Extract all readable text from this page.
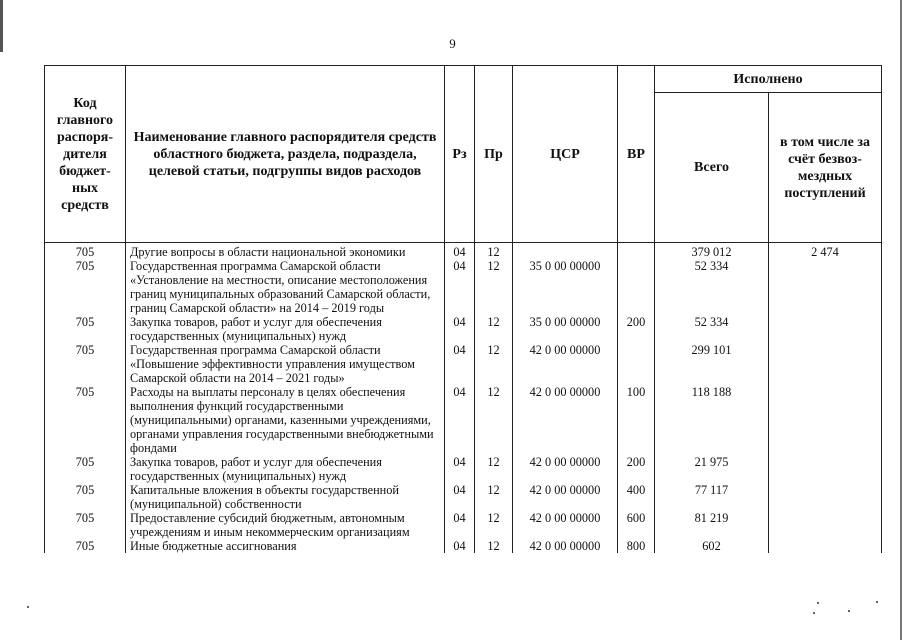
9
Код главного распоря-дителя бюджет-ных средств	Наименование главного распорядителя средств областного бюджета, раздела, подраздела, целевой статьи, подгруппы видов расходов	Рз	Пр	ЦСР	ВР	Исполнено	
						Всего	в том числе за счёт безвоз-мездных
поступлений
705	Другие вопросы в области национальной экономики	04	12			379 012	2 474
705	Государственная программа Самарской области «Установление на местности, описание местоположения границ муниципальных образований Самарской области, границ Самарской области» на 2014 – 2019 годы	04	12	35 0 00 00000		52 334	
705	Закупка товаров, работ и услуг для обеспечения государственных (муниципальных) нужд	04	12	35 0 00 00000	200	52 334	
705	Государственная программа Самарской области «Повышение эффективности управления имуществом Самарской области на 2014 – 2021 годы»	04	12	42 0 00 00000		299 101	
705	Расходы на выплаты персоналу в целях обеспечения выполнения функций государственными (муниципальными) органами, казенными учреждениями, органами управления государственными внебюджетными фондами	04	12	42 0 00 00000	100	118 188	
705	Закупка товаров, работ и услуг для обеспечения государственных (муниципальных) нужд	04	12	42 0 00 00000	200	21 975	
705	Капитальные вложения в объекты государственной (муниципальной) собственности	04	12	42 0 00 00000	400	77 117	
705	Предоставление субсидий бюджетным, автономным учреждениям и иным некоммерческим организациям	04	12	42 0 00 00000	600	81 219	
705	Иные бюджетные ассигнования	04	12	42 0 00 00000	800	602	
